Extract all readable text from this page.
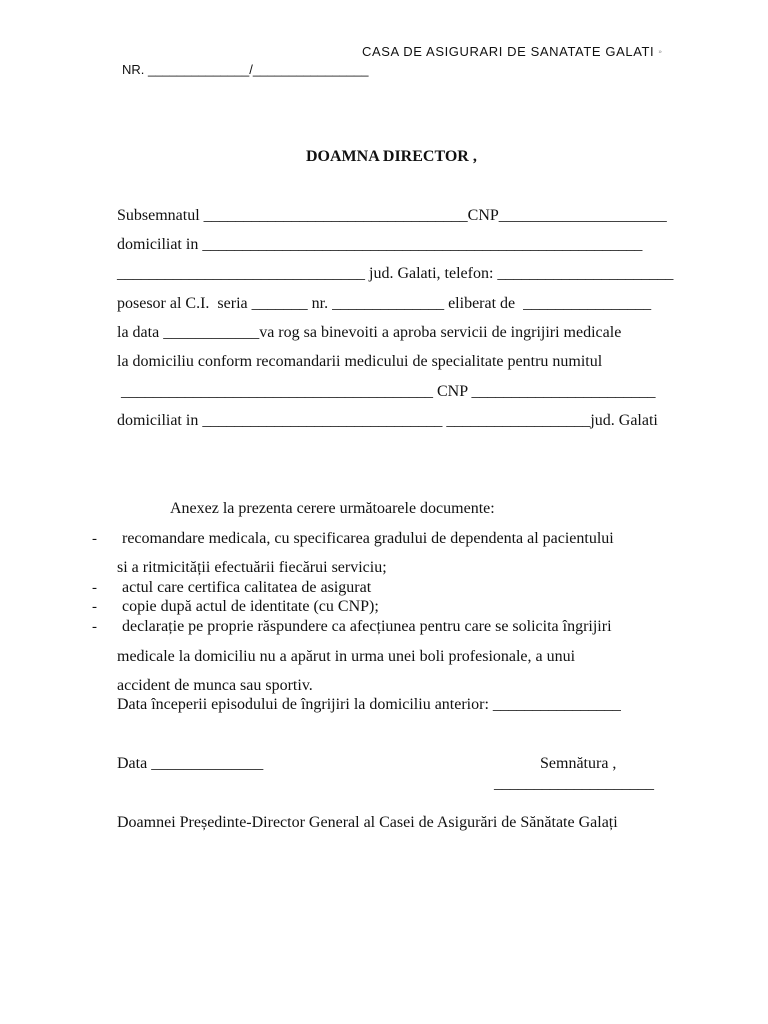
CASA DE ASIGURARI DE SANATATE GALATI »
NR. ______________/________________
DOAMNA DIRECTOR ,
Subsemnatul _________________________________CNP_____________________
domiciliat in _______________________________________________________
_______________________________ jud. Galati, telefon: ______________________
posesor al C.I.  seria _______ nr. ______________ eliberat de  ________________
la data ____________va rog sa binevoiti a aproba servicii de ingrijiri medicale
la domiciliu conform recomandarii medicului de specialitate pentru numitul
_______________________________________ CNP _______________________
domiciliat in ______________________________ __________________jud. Galati
Anexez la prezenta cerere următoarele documente:
- recomandare medicala, cu specificarea gradului de dependenta al pacientului
si a ritmicității efectuării fiecărui serviciu;
- actul care certifica calitatea de asigurat
- copie după actul de identitate (cu CNP);
- declarație pe proprie răspundere ca afecțiunea pentru care se solicita îngrijiri
medicale la domiciliu nu a apărut in urma unei boli profesionale, a unui
accident de munca sau sportiv.
Data începerii episodului de îngrijiri la domiciliu anterior: ________________
Data ______________	Semnătura ,
____________________
Doamnei Președinte-Director General al Casei de Asigurări de Sănătate Galați
